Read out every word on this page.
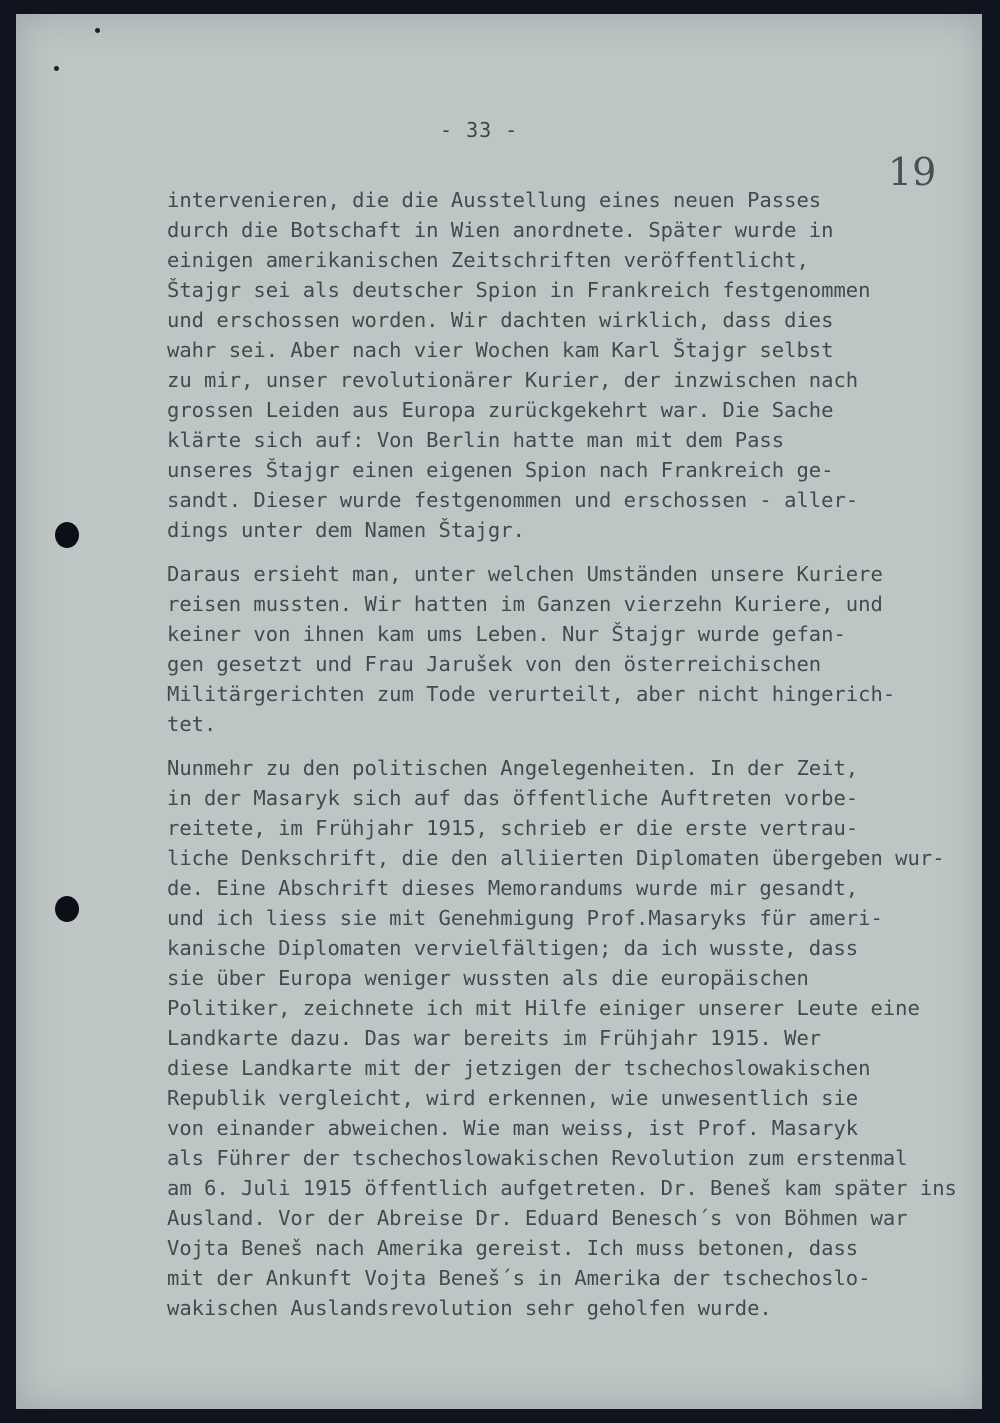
- 33 -
19
intervenieren, die die Ausstellung eines neuen Passes
durch die Botschaft in Wien anordnete. Später wurde in
einigen amerikanischen Zeitschriften veröffentlicht,
Štajgr sei als deutscher Spion in Frankreich festgenommen
und erschossen worden. Wir dachten wirklich, dass dies
wahr sei. Aber nach vier Wochen kam Karl Štajgr selbst
zu mir, unser revolutionärer Kurier, der inzwischen nach
grossen Leiden aus Europa zurückgekehrt war. Die Sache
klärte sich auf: Von Berlin hatte man mit dem Pass
unseres Štajgr einen eigenen Spion nach Frankreich ge-
sandt. Dieser wurde festgenommen und erschossen - aller-
dings unter dem Namen Štajgr.
Daraus ersieht man, unter welchen Umständen unsere Kuriere
reisen mussten. Wir hatten im Ganzen vierzehn Kuriere, und
keiner von ihnen kam ums Leben. Nur Štajgr wurde gefan-
gen gesetzt und Frau Jarušek von den österreichischen
Militärgerichten zum Tode verurteilt, aber nicht hingerich-
tet.
Nunmehr zu den politischen Angelegenheiten. In der Zeit,
in der Masaryk sich auf das öffentliche Auftreten vorbe-
reitete, im Frühjahr 1915, schrieb er die erste vertrau-
liche Denkschrift, die den alliierten Diplomaten übergeben wur-
de. Eine Abschrift dieses Memorandums wurde mir gesandt,
und ich liess sie mit Genehmigung Prof.Masaryks für ameri-
kanische Diplomaten vervielfältigen; da ich wusste, dass
sie über Europa weniger wussten als die europäischen
Politiker, zeichnete ich mit Hilfe einiger unserer Leute eine
Landkarte dazu. Das war bereits im Frühjahr 1915. Wer
diese Landkarte mit der jetzigen der tschechoslowakischen
Republik vergleicht, wird erkennen, wie unwesentlich sie
von einander abweichen. Wie man weiss, ist Prof. Masaryk
als Führer der tschechoslowakischen Revolution zum erstenmal
am 6. Juli 1915 öffentlich aufgetreten. Dr. Beneš kam später ins
Ausland. Vor der Abreise Dr. Eduard Benesch´s von Böhmen war
Vojta Beneš nach Amerika gereist. Ich muss betonen, dass
mit der Ankunft Vojta Beneš´s in Amerika der tschechoslo-
wakischen Auslandsrevolution sehr geholfen wurde.
